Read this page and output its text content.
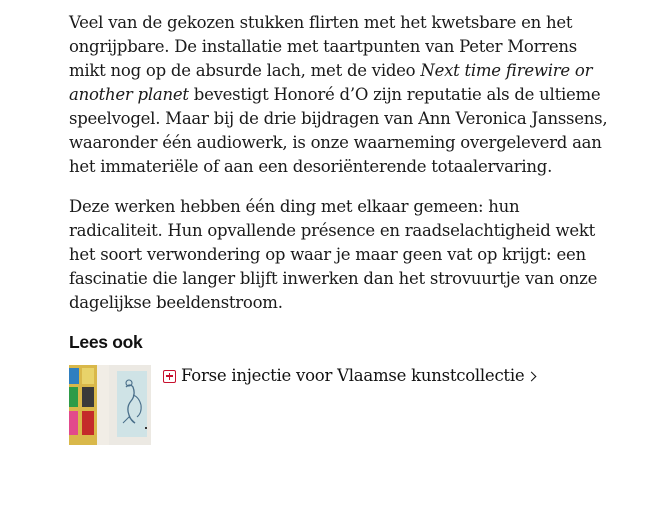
Veel van de gekozen stukken flirten met het kwetsbare en het ongrijpbare. De installatie met taartpunten van Peter Morrens mikt nog op de absurde lach, met de video Next time firewire or another planet bevestigt Honoré d’O zijn reputatie als de ultieme speelvogel. Maar bij de drie bijdragen van Ann Veronica Janssens, waaronder één audiowerk, is onze waarneming overgeleverd aan het immateriële of aan een desoriënterende totaalervaring.

Deze werken hebben één ding met elkaar gemeen: hun radicaliteit. Hun opvallende présence en raadselachtigheid wekt het soort verwondering op waar je maar geen vat op krijgt: een fascinatie die langer blijft inwerken dan het strovuurtje van onze dagelijkse beeldenstroom.

Lees ook
Forse injectie voor Vlaamse kunstcollectie
